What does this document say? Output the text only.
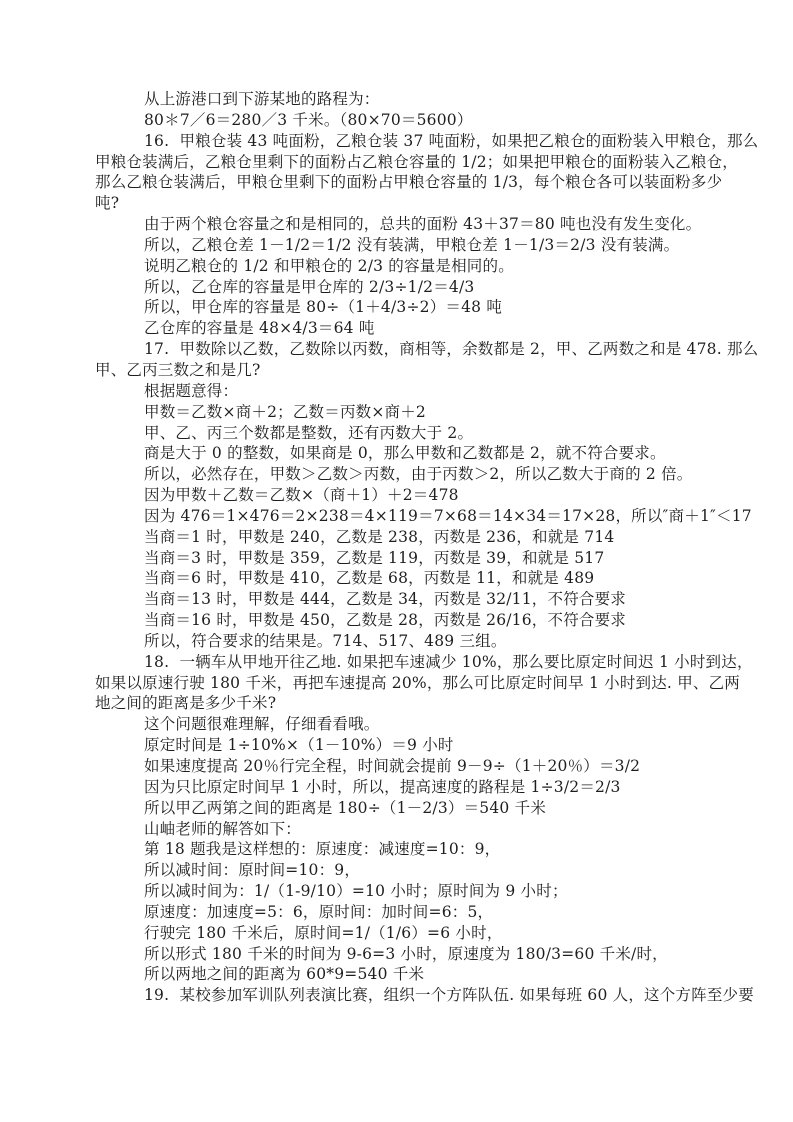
从上游港口到下游某地的路程为：
80＊7／6＝280／3 千米。（80×70＝5600）
16.  甲粮仓装 43 吨面粉，乙粮仓装 37 吨面粉，如果把乙粮仓的面粉装入甲粮仓，那么
甲粮仓装满后，乙粮仓里剩下的面粉占乙粮仓容量的 1/2；如果把甲粮仓的面粉装入乙粮仓，
那么乙粮仓装满后，甲粮仓里剩下的面粉占甲粮仓容量的 1/3，每个粮仓各可以装面粉多少
吨?
由于两个粮仓容量之和是相同的，总共的面粉 43＋37＝80 吨也没有发生变化。
所以，乙粮仓差 1－1/2＝1/2 没有装满，甲粮仓差 1－1/3＝2/3 没有装满。
说明乙粮仓的 1/2 和甲粮仓的 2/3 的容量是相同的。
所以，乙仓库的容量是甲仓库的 2/3÷1/2＝4/3
所以，甲仓库的容量是 80÷（1＋4/3÷2）＝48 吨
乙仓库的容量是 48×4/3＝64 吨
17.  甲数除以乙数，乙数除以丙数，商相等，余数都是 2，甲、乙两数之和是 478. 那么
甲、乙丙三数之和是几?
根据题意得：
甲数＝乙数×商＋2；乙数＝丙数×商＋2
甲、乙、丙三个数都是整数，还有丙数大于 2。
商是大于 0 的整数，如果商是 0，那么甲数和乙数都是 2，就不符合要求。
所以，必然存在，甲数＞乙数＞丙数，由于丙数＞2，所以乙数大于商的 2 倍。
因为甲数＋乙数＝乙数×（商＋1）＋2＝478
因为 476＝1×476＝2×238＝4×119＝7×68＝14×34＝17×28，所以″商＋1″＜17
当商＝1 时，甲数是 240，乙数是 238，丙数是 236，和就是 714
当商＝3 时，甲数是 359，乙数是 119，丙数是 39，和就是 517
当商＝6 时，甲数是 410，乙数是 68，丙数是 11，和就是 489
当商＝13 时，甲数是 444，乙数是 34，丙数是 32/11，不符合要求
当商＝16 时，甲数是 450，乙数是 28，丙数是 26/16，不符合要求
所以，符合要求的结果是。714、517、489 三组。
18.  一辆车从甲地开往乙地. 如果把车速减少 10%，那么要比原定时间迟 1 小时到达，
如果以原速行驶 180 千米，再把车速提高 20%，那么可比原定时间早 1 小时到达. 甲、乙两
地之间的距离是多少千米?
这个问题很难理解，仔细看看哦。
原定时间是 1÷10%×（1－10%）＝9 小时
如果速度提高 20％行完全程，时间就会提前 9－9÷（1＋20％）＝3/2
因为只比原定时间早 1 小时，所以，提高速度的路程是 1÷3/2＝2/3
所以甲乙两第之间的距离是 180÷（1－2/3）＝540 千米
山岫老师的解答如下：
第 18 题我是这样想的：原速度：减速度=10：9，
所以减时间：原时间=10：9，
所以减时间为：1/（1-9/10）=10 小时；原时间为 9 小时；
原速度：加速度=5：6，原时间：加时间=6：5，
行驶完 180 千米后，原时间=1/（1/6）=6 小时，
所以形式 180 千米的时间为 9-6=3 小时，原速度为 180/3=60 千米/时，
所以两地之间的距离为 60*9=540 千米
19.  某校参加军训队列表演比赛，组织一个方阵队伍. 如果每班 60 人，这个方阵至少要
